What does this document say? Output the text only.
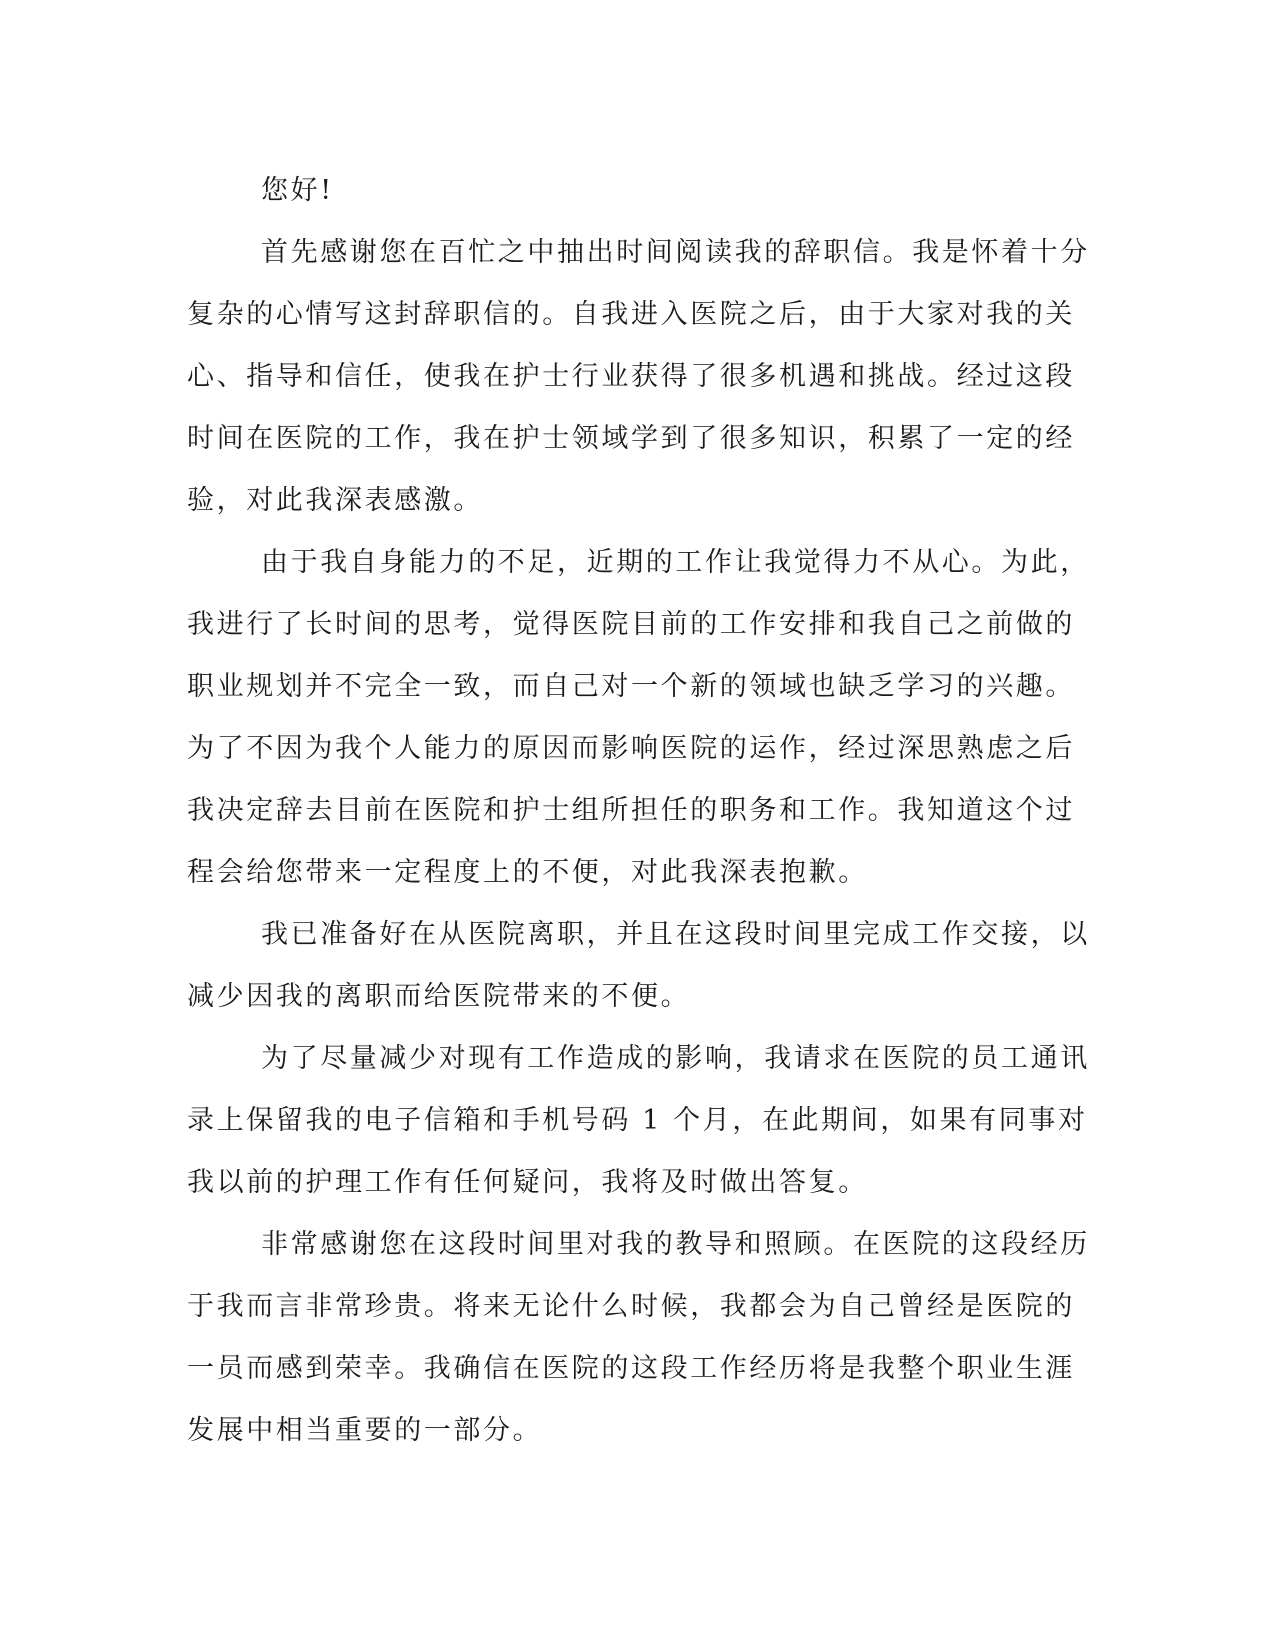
您好!
首先感谢您在百忙之中抽出时间阅读我的辞职信。我是怀着十分
复杂的心情写这封辞职信的。自我进入医院之后，由于大家对我的关
心、指导和信任，使我在护士行业获得了很多机遇和挑战。经过这段
时间在医院的工作，我在护士领域学到了很多知识，积累了一定的经
验，对此我深表感激。
由于我自身能力的不足，近期的工作让我觉得力不从心。为此，
我进行了长时间的思考，觉得医院目前的工作安排和我自己之前做的
职业规划并不完全一致，而自己对一个新的领域也缺乏学习的兴趣。
为了不因为我个人能力的原因而影响医院的运作，经过深思熟虑之后
我决定辞去目前在医院和护士组所担任的职务和工作。我知道这个过
程会给您带来一定程度上的不便，对此我深表抱歉。
我已准备好在从医院离职，并且在这段时间里完成工作交接，以
减少因我的离职而给医院带来的不便。
为了尽量减少对现有工作造成的影响，我请求在医院的员工通讯
录上保留我的电子信箱和手机号码 1 个月，在此期间，如果有同事对
我以前的护理工作有任何疑问，我将及时做出答复。
非常感谢您在这段时间里对我的教导和照顾。在医院的这段经历
于我而言非常珍贵。将来无论什么时候，我都会为自己曾经是医院的
一员而感到荣幸。我确信在医院的这段工作经历将是我整个职业生涯
发展中相当重要的一部分。
